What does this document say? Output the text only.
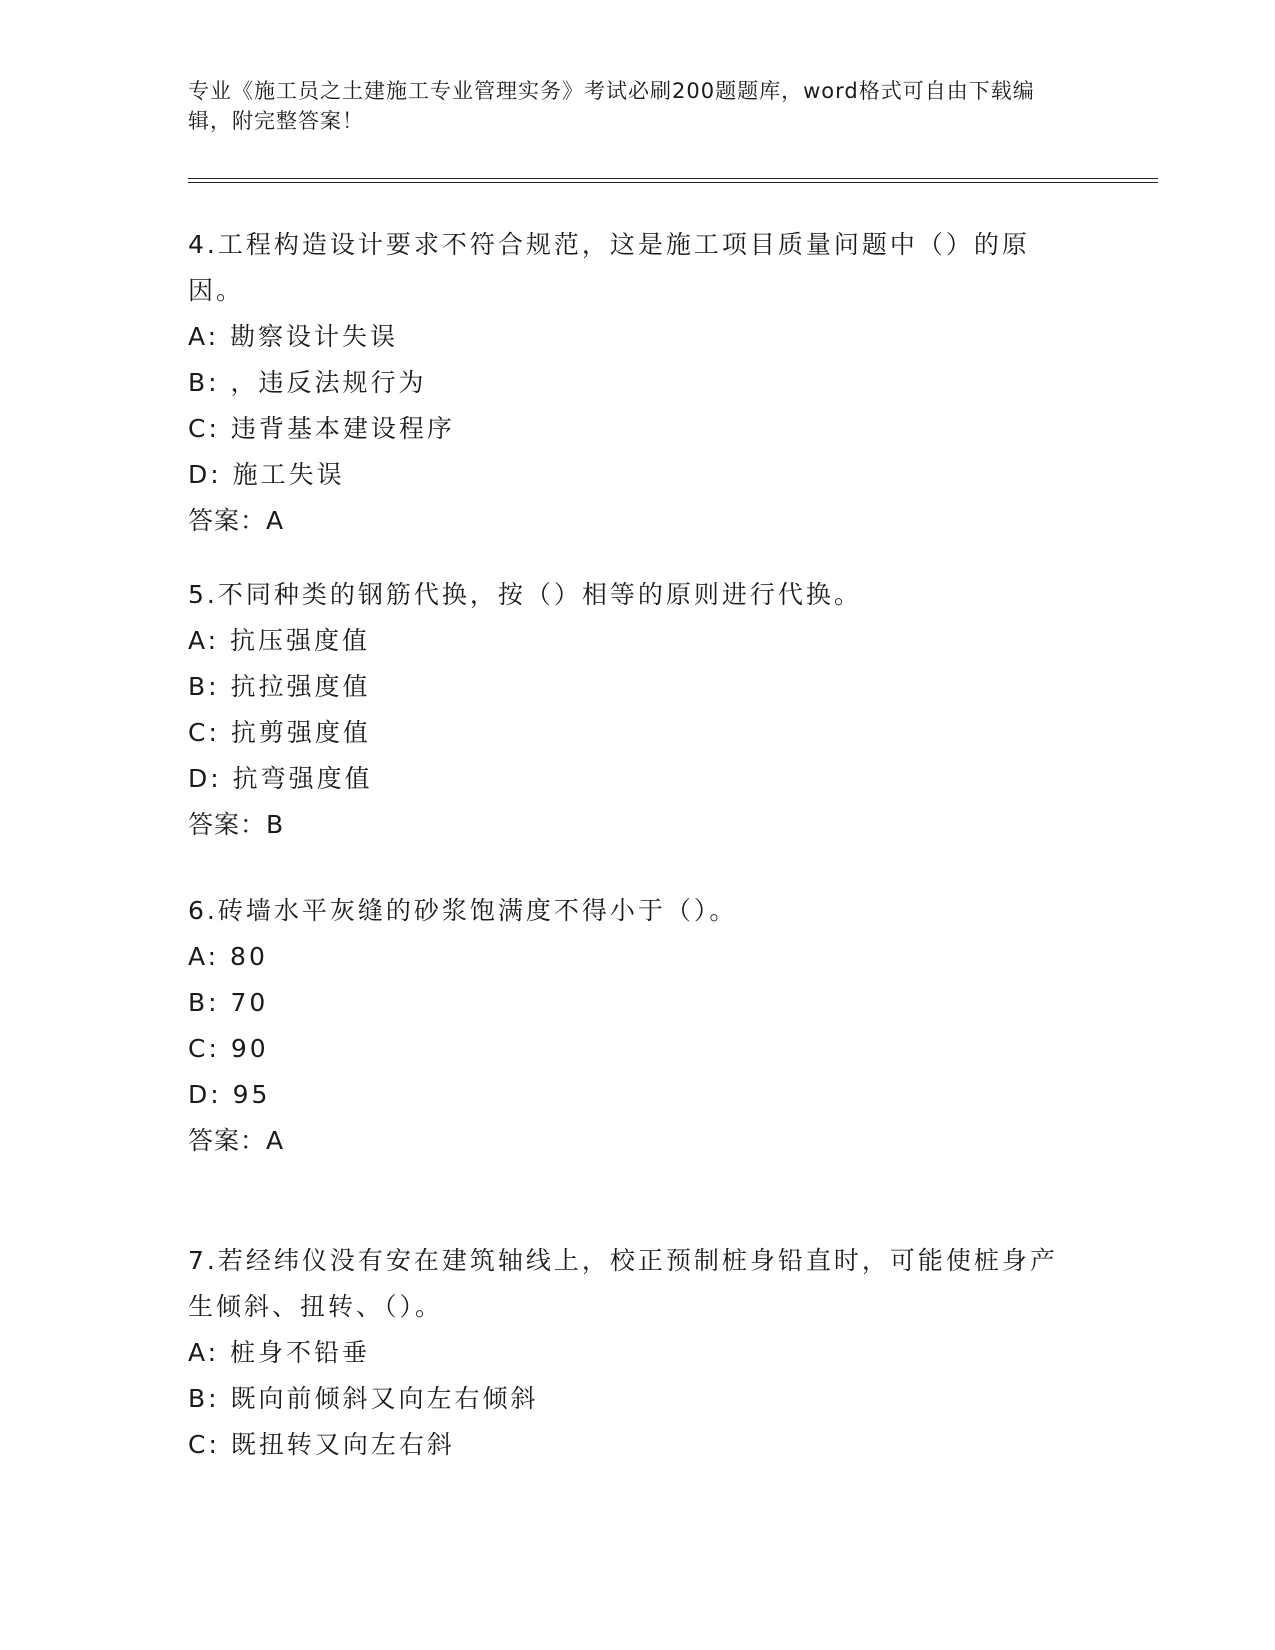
专业《施工员之土建施工专业管理实务》考试必刷200题题库，word格式可自由下载编辑，附完整答案！

4.工程构造设计要求不符合规范，这是施工项目质量问题中（）的原因。

A: 勘察设计失误

B: ，违反法规行为

C: 违背基本建设程序

D: 施工失误

答案：A

5.不同种类的钢筋代换，按（）相等的原则进行代换。

A: 抗压强度值

B: 抗拉强度值

C: 抗剪强度值

D: 抗弯强度值

答案：B

6.砖墙水平灰缝的砂浆饱满度不得小于（）。

A: 80

B: 70

C: 90

D: 95

答案：A

7.若经纬仪没有安在建筑轴线上，校正预制桩身铅直时，可能使桩身产生倾斜、扭转、（）。

A: 桩身不铅垂

B: 既向前倾斜又向左右倾斜

C: 既扭转又向左右斜
